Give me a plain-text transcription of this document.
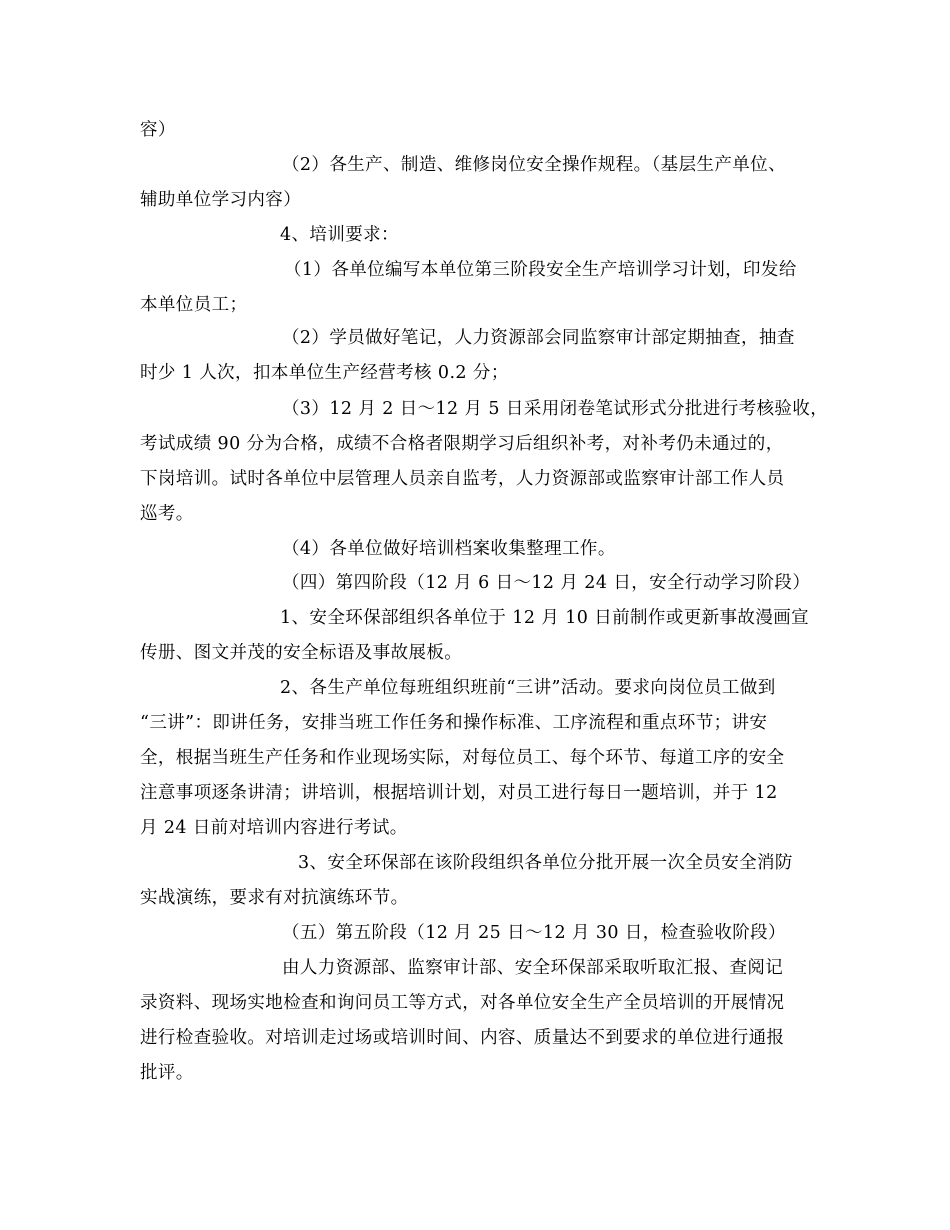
容）
（2）各生产、制造、维修岗位安全操作规程。（基层生产单位、
辅助单位学习内容）
4、培训要求：
（1）各单位编写本单位第三阶段安全生产培训学习计划，印发给
本单位员工；
（2）学员做好笔记，人力资源部会同监察审计部定期抽查，抽查
时少 1 人次，扣本单位生产经营考核 0.2 分；
（3）12 月 2 日～12 月 5 日采用闭卷笔试形式分批进行考核验收，
考试成绩 90 分为合格，成绩不合格者限期学习后组织补考，对补考仍未通过的，
下岗培训。试时各单位中层管理人员亲自监考，人力资源部或监察审计部工作人员
巡考。
（4）各单位做好培训档案收集整理工作。
（四）第四阶段（12 月 6 日～12 月 24 日，安全行动学习阶段）
1、安全环保部组织各单位于 12 月 10 日前制作或更新事故漫画宣
传册、图文并茂的安全标语及事故展板。
2、各生产单位每班组织班前“三讲”活动。要求向岗位员工做到
“三讲”：即讲任务，安排当班工作任务和操作标准、工序流程和重点环节；讲安
全，根据当班生产任务和作业现场实际，对每位员工、每个环节、每道工序的安全
注意事项逐条讲清；讲培训，根据培训计划，对员工进行每日一题培训，并于 12
月 24 日前对培训内容进行考试。
3、安全环保部在该阶段组织各单位分批开展一次全员安全消防
实战演练，要求有对抗演练环节。
（五）第五阶段（12 月 25 日～12 月 30 日，检查验收阶段）
由人力资源部、监察审计部、安全环保部采取听取汇报、查阅记
录资料、现场实地检查和询问员工等方式，对各单位安全生产全员培训的开展情况
进行检查验收。对培训走过场或培训时间、内容、质量达不到要求的单位进行通报
批评。
